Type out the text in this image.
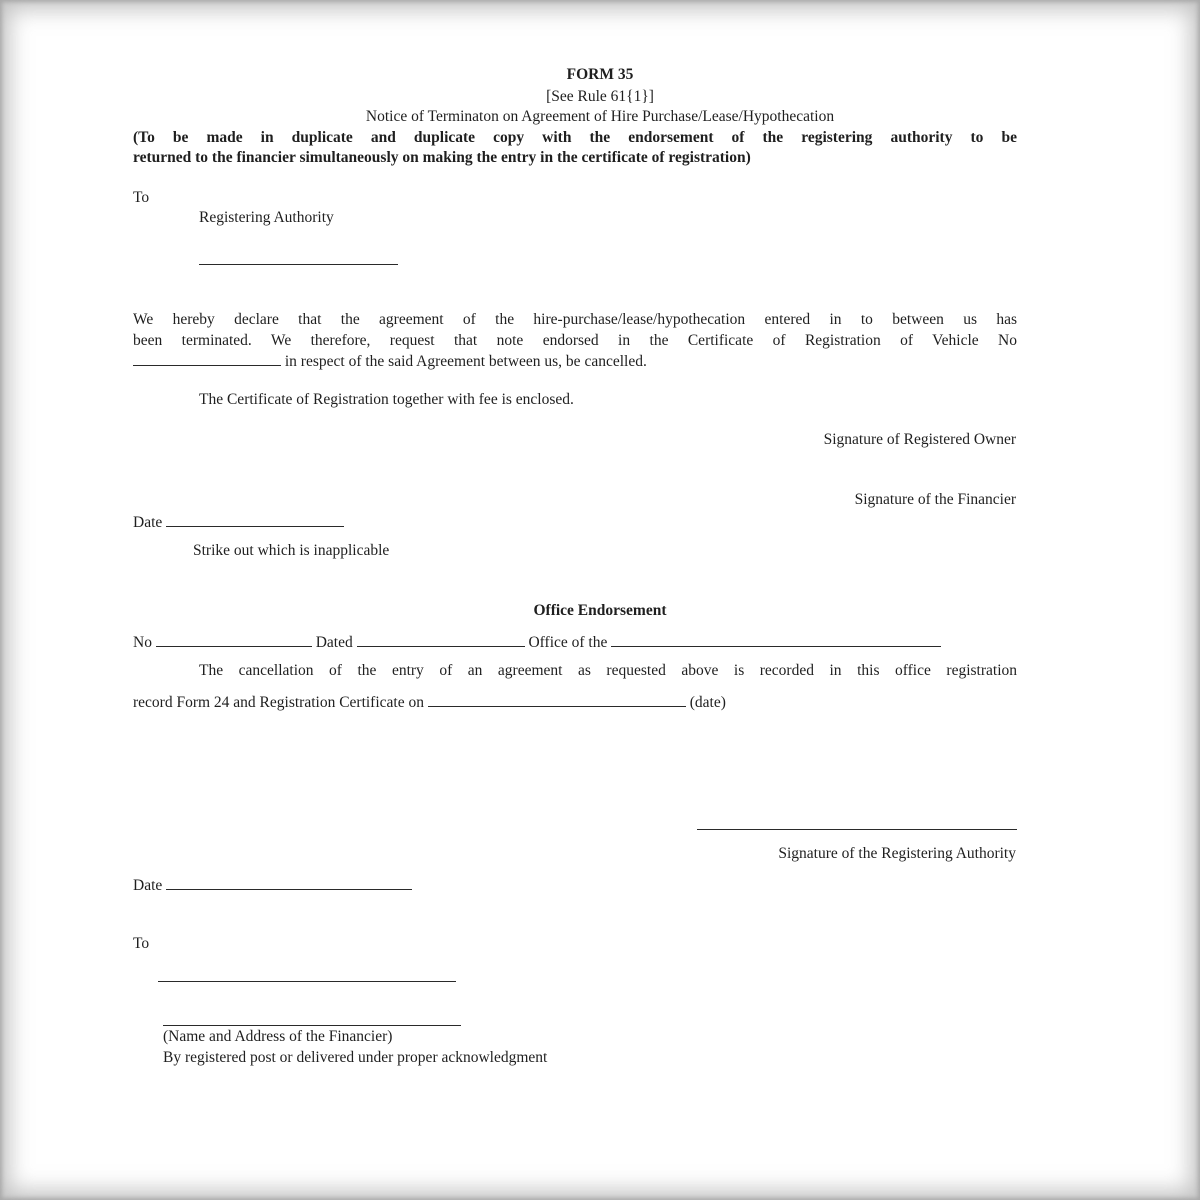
FORM 35
[See Rule 61{1}]
Notice of Terminaton on Agreement of Hire Purchase/Lease/Hypothecation
(To be made in duplicate and duplicate copy with the endorsement of the registering authority to be
returned to the financier simultaneously on making the entry in the certificate of registration)
To
Registering Authority
We hereby declare that the agreement of the hire-purchase/lease/hypothecation entered in to between us has
been terminated. We therefore, request that note endorsed in the Certificate of Registration of Vehicle No
in respect of the said Agreement between us, be cancelled.
The Certificate of Registration together with fee is enclosed.
Signature of Registered Owner
Signature of the Financier
Date
Strike out which is inapplicable
Office Endorsement
No	Dated	Office of the
The cancellation of the entry of an agreement as requested above is recorded in this office registration
record Form 24 and Registration Certificate on	(date)
Signature of the Registering Authority
Date
To
(Name and Address of the Financier)
By registered post or delivered under proper acknowledgment
